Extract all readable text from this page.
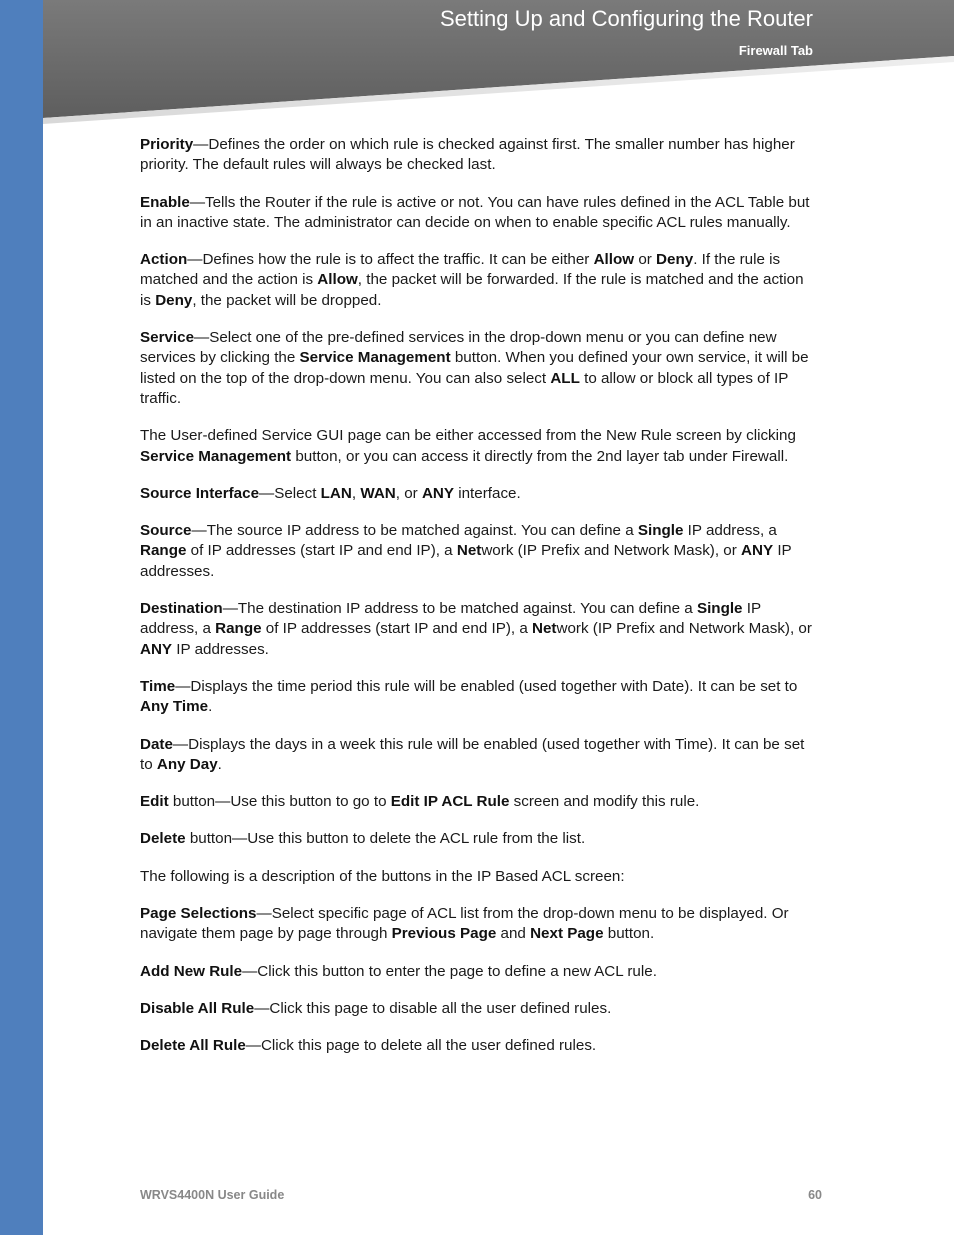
Setting Up and Configuring the Router
Firewall Tab

Priority—Defines the order on which rule is checked against first. The smaller number has higher priority. The default rules will always be checked last.

Enable—Tells the Router if the rule is active or not. You can have rules defined in the ACL Table but in an inactive state. The administrator can decide on when to enable specific ACL rules manually.

Action—Defines how the rule is to affect the traffic. It can be either Allow or Deny. If the rule is matched and the action is Allow, the packet will be forwarded. If the rule is matched and the action is Deny, the packet will be dropped.

Service—Select one of the pre-defined services in the drop-down menu or you can define new services by clicking the Service Management button. When you defined your own service, it will be listed on the top of the drop-down menu. You can also select ALL to allow or block all types of IP traffic.

The User-defined Service GUI page can be either accessed from the New Rule screen by clicking Service Management button, or you can access it directly from the 2nd layer tab under Firewall.

Source Interface—Select LAN, WAN, or ANY interface.

Source—The source IP address to be matched against. You can define a Single IP address, a Range of IP addresses (start IP and end IP), a Network (IP Prefix and Network Mask), or ANY IP addresses.

Destination—The destination IP address to be matched against. You can define a Single IP address, a Range of IP addresses (start IP and end IP), a Network (IP Prefix and Network Mask), or ANY IP addresses.

Time—Displays the time period this rule will be enabled (used together with Date). It can be set to Any Time.

Date—Displays the days in a week this rule will be enabled (used together with Time). It can be set to Any Day.

Edit button—Use this button to go to Edit IP ACL Rule screen and modify this rule.

Delete button—Use this button to delete the ACL rule from the list.

The following is a description of the buttons in the IP Based ACL screen:

Page Selections—Select specific page of ACL list from the drop-down menu to be displayed. Or navigate them page by page through Previous Page and Next Page button.

Add New Rule—Click this button to enter the page to define a new ACL rule.

Disable All Rule—Click this page to disable all the user defined rules.

Delete All Rule—Click this page to delete all the user defined rules.

WRVS4400N User Guide	60
